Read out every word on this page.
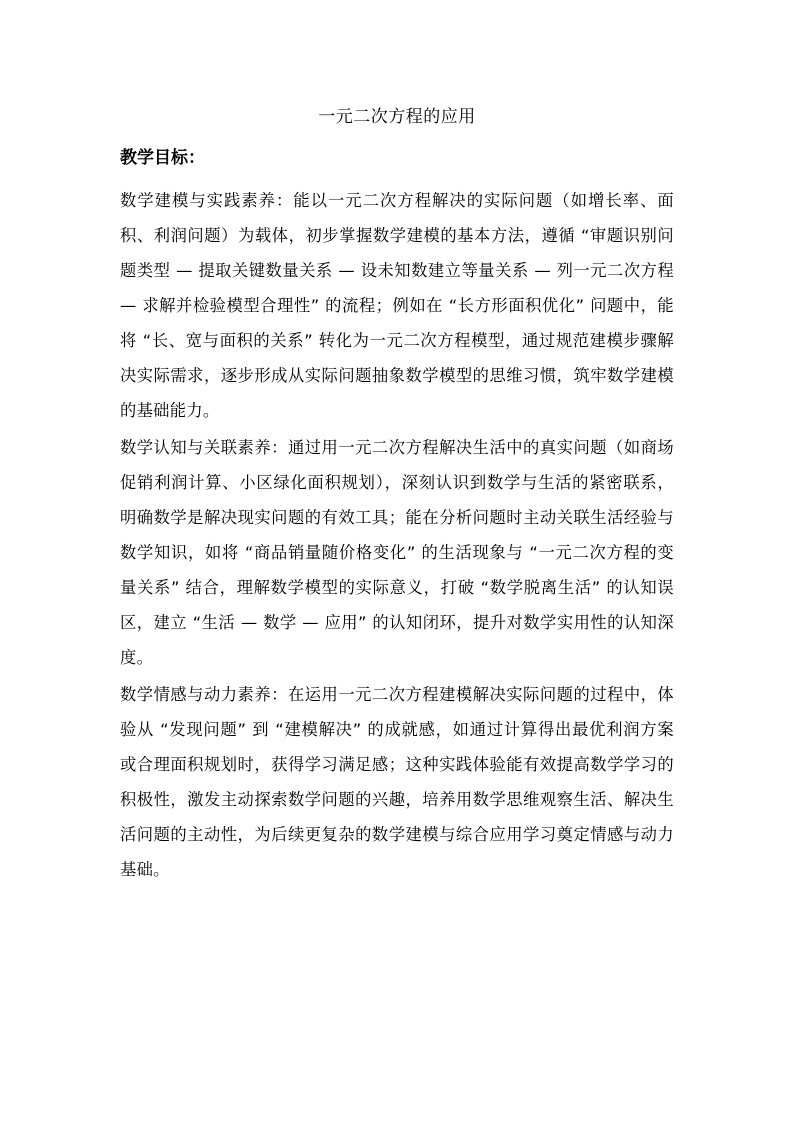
一元二次方程的应用
教学目标：

数学建模与实践素养：能以一元二次方程解决的实际问题（如增长率、面积、利润问题）为载体，初步掌握数学建模的基本方法，遵循 “审题识别问题类型 — 提取关键数量关系 — 设未知数建立等量关系 — 列一元二次方程 — 求解并检验模型合理性” 的流程；例如在 “长方形面积优化” 问题中，能将 “长、宽与面积的关系” 转化为一元二次方程模型，通过规范建模步骤解决实际需求，逐步形成从实际问题抽象数学模型的思维习惯，筑牢数学建模的基础能力。

数学认知与关联素养：通过用一元二次方程解决生活中的真实问题（如商场促销利润计算、小区绿化面积规划），深刻认识到数学与生活的紧密联系，明确数学是解决现实问题的有效工具；能在分析问题时主动关联生活经验与数学知识，如将 “商品销量随价格变化” 的生活现象与 “一元二次方程的变量关系” 结合，理解数学模型的实际意义，打破 “数学脱离生活” 的认知误区，建立 “生活 — 数学 — 应用” 的认知闭环，提升对数学实用性的认知深度。

数学情感与动力素养：在运用一元二次方程建模解决实际问题的过程中，体验从 “发现问题” 到 “建模解决” 的成就感，如通过计算得出最优利润方案或合理面积规划时，获得学习满足感；这种实践体验能有效提高数学学习的积极性，激发主动探索数学问题的兴趣，培养用数学思维观察生活、解决生活问题的主动性，为后续更复杂的数学建模与综合应用学习奠定情感与动力基础。
